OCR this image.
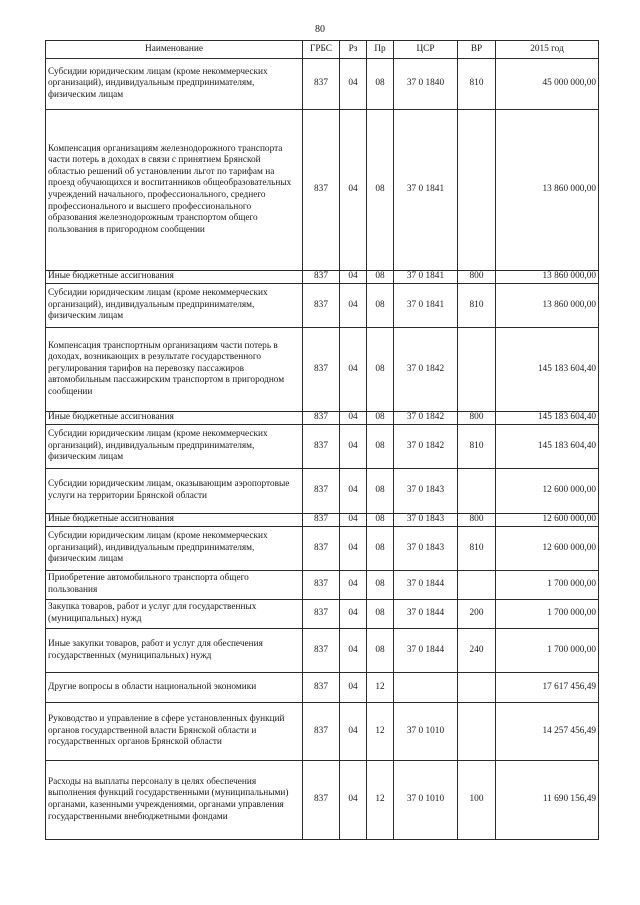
80
Наименование	ГРБС	Рз	Пр	ЦСР	ВР	2015 год
Субсидии юридическим лицам (кроме некоммерческих организаций), индивидуальным предпринимателям, физическим лицам	837	04	08	37 0 1840	810	45 000 000,00
Компенсация организациям железнодорожного транспорта части потерь в доходах в связи с принятием Брянской областью решений об установлении льгот по тарифам на проезд обучающихся и воспитанников общеобразовательных учреждений начального, профессионального, среднего профессионального и высшего профессионального образования железнодорожным транспортом общего пользования в пригородном сообщении	837	04	08	37 0 1841		13 860 000,00
Иные бюджетные ассигнования	837	04	08	37 0 1841	800	13 860 000,00
Субсидии юридическим лицам (кроме некоммерческих организаций), индивидуальным предпринимателям, физическим лицам	837	04	08	37 0 1841	810	13 860 000,00
Компенсация транспортным организациям части потерь в доходах, возникающих в результате государственного регулирования тарифов на перевозку пассажиров автомобильным пассажирским транспортом в пригородном сообщении	837	04	08	37 0 1842		145 183 604,40
Иные бюджетные ассигнования	837	04	08	37 0 1842	800	145 183 604,40
Субсидии юридическим лицам (кроме некоммерческих организаций), индивидуальным предпринимателям, физическим лицам	837	04	08	37 0 1842	810	145 183 604,40
Субсидии юридическим лицам, оказывающим аэропортовые услуги на территории Брянской области	837	04	08	37 0 1843		12 600 000,00
Иные бюджетные ассигнования	837	04	08	37 0 1843	800	12 600 000,00
Субсидии юридическим лицам (кроме некоммерческих организаций), индивидуальным предпринимателям, физическим лицам	837	04	08	37 0 1843	810	12 600 000,00
Приобретение автомобильного транспорта общего пользования	837	04	08	37 0 1844		1 700 000,00
Закупка товаров, работ и услуг для государственных (муниципальных) нужд	837	04	08	37 0 1844	200	1 700 000,00
Иные закупки товаров, работ и услуг для обеспечения государственных (муниципальных) нужд	837	04	08	37 0 1844	240	1 700 000,00
Другие вопросы в области национальной экономики	837	04	12			17 617 456,49
Руководство и управление в сфере установленных функций органов государственной власти Брянской области и государственных органов Брянской области	837	04	12	37 0 1010		14 257 456,49
Расходы на выплаты персоналу в целях обеспечения выполнения функций государственными (муниципальными) органами, казенными учреждениями, органами управления государственными внебюджетными фондами	837	04	12	37 0 1010	100	11 690 156,49
